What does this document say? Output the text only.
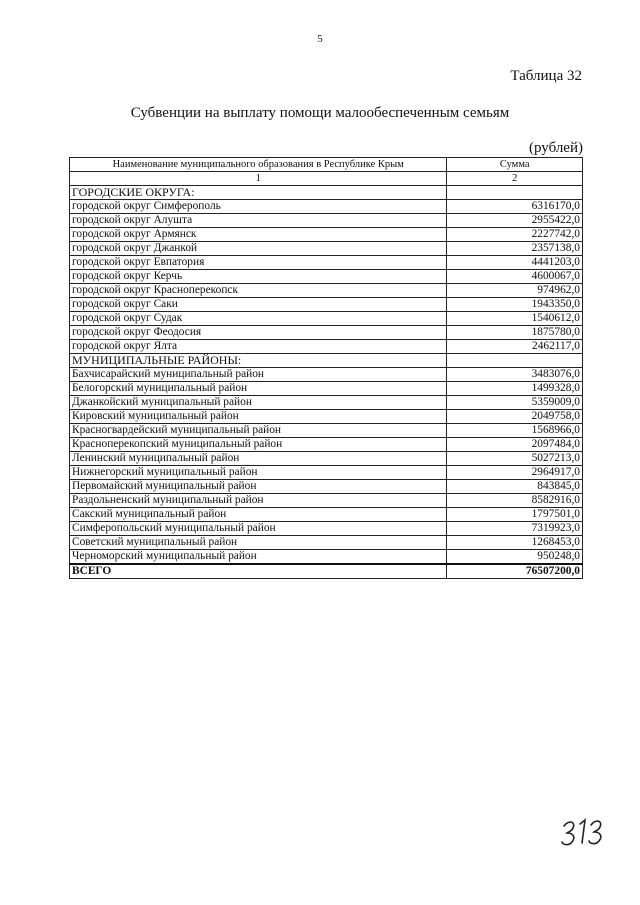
5
Таблица 32
Субвенции на выплату помощи малообеспеченным семьям
(рублей)
Наименование муниципального образования в Республике Крым	Сумма
1	2
ГОРОДСКИЕ ОКРУГА:	
городской округ Симферополь	6316170,0
городской округ Алушта	2955422,0
городской округ Армянск	2227742,0
городской округ Джанкой	2357138,0
городской округ Евпатория	4441203,0
городской округ Керчь	4600067,0
городской округ Красноперекопск	974962,0
городской округ Саки	1943350,0
городской округ Судак	1540612,0
городской округ Феодосия	1875780,0
городской округ Ялта	2462117,0
МУНИЦИПАЛЬНЫЕ РАЙОНЫ:	
Бахчисарайский муниципальный район	3483076,0
Белогорский муниципальный район	1499328,0
Джанкойский муниципальный район	5359009,0
Кировский муниципальный район	2049758,0
Красногвардейский муниципальный район	1568966,0
Красноперекопский муниципальный район	2097484,0
Ленинский муниципальный район	5027213,0
Нижнегорский муниципальный район	2964917,0
Первомайский муниципальный район	843845,0
Раздольненский муниципальный район	8582916,0
Сакский муниципальный район	1797501,0
Симферопольский муниципальный район	7319923,0
Советский муниципальный район	1268453,0
Черноморский муниципальный район	950248,0
ВСЕГО	76507200,0
